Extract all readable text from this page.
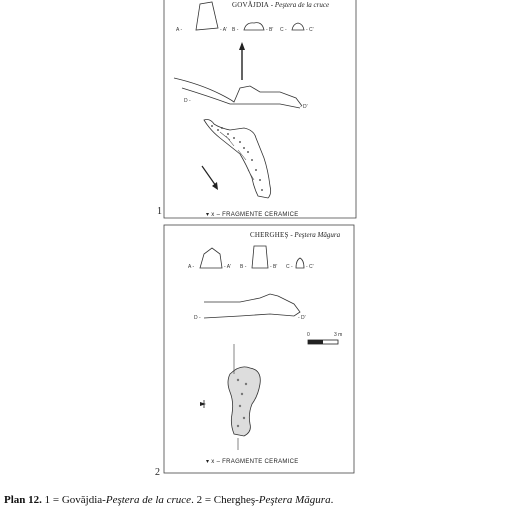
GOVĂJDIA - Peştera de la cruce
A -	- A' B -	- B' C -	- C'
D -
- D'
1	▾ x – FRAGMENTE CERAMICE
CHERGHEŞ - Peştera Măgura
A -	- A' B -	- B' C -	- C'
D -	- D'
0	3 m
2
▾ x – FRAGMENTE CERAMICE
Plan 12. 1 = Govăjdia-Peştera de la cruce. 2 = Chergheş-Peştera Măgura.
